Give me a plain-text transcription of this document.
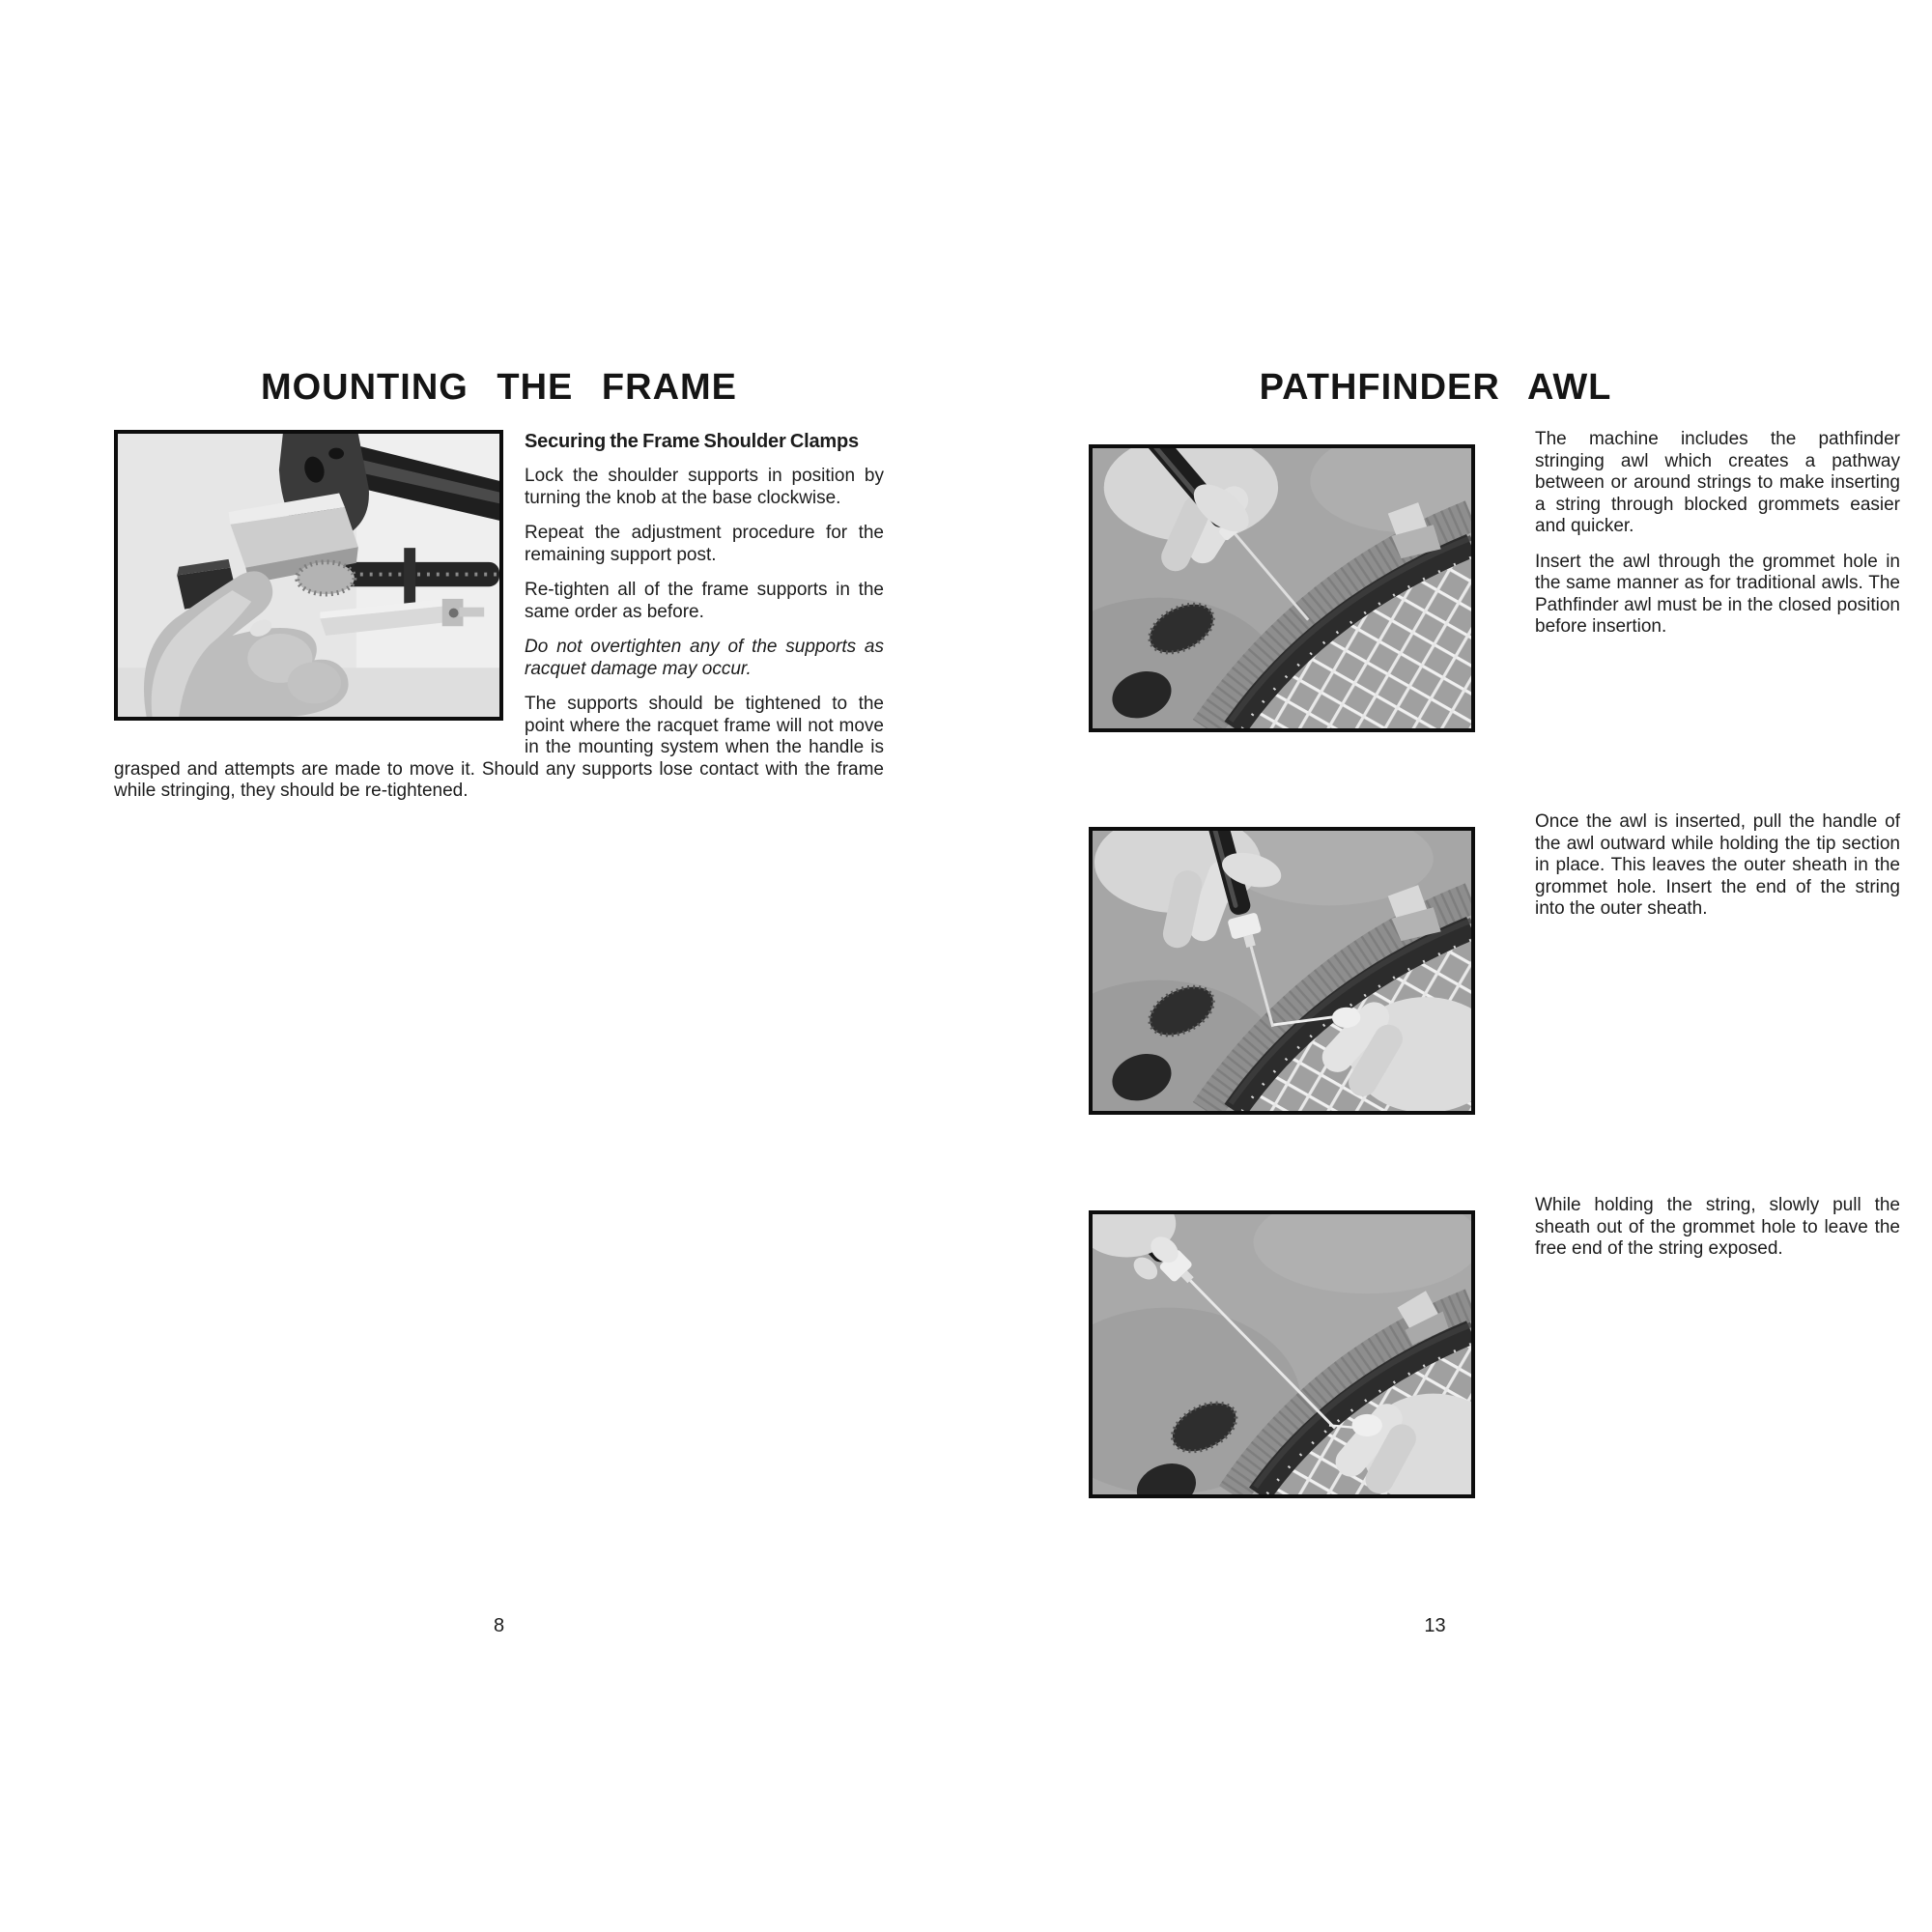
MOUNTING THE FRAME
Securing the Frame Shoulder Clamps

Lock the shoulder supports in position by turning the knob at the base clockwise.

Repeat the adjustment procedure for the remaining support post.

Re-tighten all of the frame supports in the same order as before.

Do not overtighten any of the supports as racquet damage may occur.

The supports should be tightened to the point where the racquet frame will not move in the mounting system when the handle is grasped and attempts are made to move it. Should any supports lose contact with the frame while stringing, they should be re-tightened.

8
PATHFINDER AWL

The machine includes the pathfinder stringing awl which creates a pathway between or around strings to make inserting a string through blocked grommets easier and quicker.

Insert the awl through the grommet hole in the same manner as for traditional awls. The Pathfinder awl must be in the closed position before insertion.

Once the awl is inserted, pull the handle of the awl outward while holding the tip section in place. This leaves the outer sheath in the grommet hole. Insert the end of the string into the outer sheath.

While holding the string, slowly pull the sheath out of the grommet hole to leave the free end of the string exposed.

13
